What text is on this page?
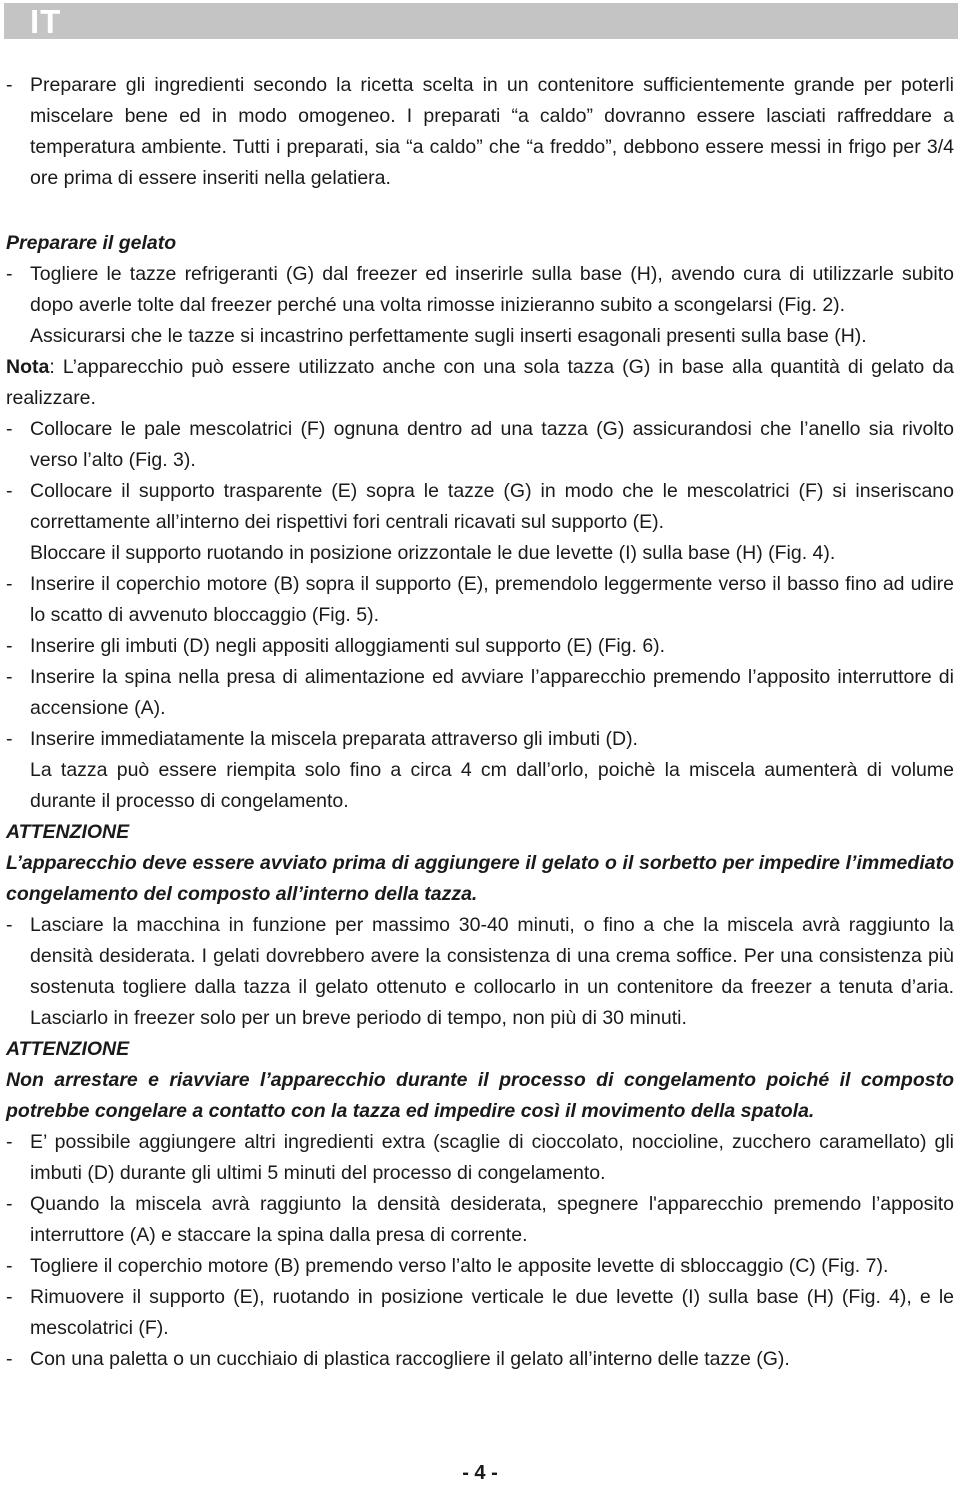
IT
- Preparare gli ingredienti secondo la ricetta scelta in un contenitore sufficientemente grande per poterli miscelare bene ed in modo omogeneo. I preparati “a caldo” dovranno essere lasciati raffreddare a temperatura ambiente. Tutti i preparati, sia “a caldo” che “a freddo”, debbono essere messi in frigo per 3/4 ore prima di essere inseriti nella gelatiera.
Preparare il gelato
- Togliere le tazze refrigeranti (G) dal freezer ed inserirle sulla base (H), avendo cura di utilizzarle subito dopo averle tolte dal freezer perché una volta rimosse inizieranno subito a scongelarsi (Fig. 2).
Assicurarsi che le tazze si incastrino perfettamente sugli inserti esagonali presenti sulla base (H).
Nota: L’apparecchio può essere utilizzato anche con una sola tazza (G) in base alla quantità di gelato da realizzare.
- Collocare le pale mescolatrici (F) ognuna dentro ad una tazza (G) assicurandosi che l’anello sia rivolto verso l’alto (Fig. 3).
- Collocare il supporto trasparente (E) sopra le tazze (G) in modo che le mescolatrici (F) si inseriscano correttamente all’interno dei rispettivi fori centrali ricavati sul supporto (E).
Bloccare il supporto ruotando in posizione orizzontale le due levette (I) sulla base (H) (Fig. 4).
- Inserire il coperchio motore (B) sopra il supporto (E), premendolo leggermente verso il basso fino ad udire lo scatto di avvenuto bloccaggio (Fig. 5).
- Inserire gli imbuti (D) negli appositi alloggiamenti sul supporto (E) (Fig. 6).
- Inserire la spina nella presa di alimentazione ed avviare l’apparecchio premendo l’apposito interruttore di accensione (A).
- Inserire immediatamente la miscela preparata attraverso gli imbuti (D).
La tazza può essere riempita solo fino a circa 4 cm dall’orlo, poichè la miscela aumenterà di volume durante il processo di congelamento.
ATTENZIONE
L’apparecchio deve essere avviato prima di aggiungere il gelato o il sorbetto per impedire l’immediato congelamento del composto all’interno della tazza.
- Lasciare la macchina in funzione per massimo 30-40 minuti, o fino a che la miscela avrà raggiunto la densità desiderata. I gelati dovrebbero avere la consistenza di una crema soffice. Per una consistenza più sostenuta togliere dalla tazza il gelato ottenuto e collocarlo in un contenitore da freezer a tenuta d’aria. Lasciarlo in freezer solo per un breve periodo di tempo, non più di 30 minuti.
ATTENZIONE
Non arrestare e riavviare l’apparecchio durante il processo di congelamento poiché il composto potrebbe congelare a contatto con la tazza ed impedire così il movimento della spatola.
- E’ possibile aggiungere altri ingredienti extra (scaglie di cioccolato, noccioline, zucchero caramellato) gli imbuti (D) durante gli ultimi 5 minuti del processo di congelamento.
- Quando la miscela avrà raggiunto la densità desiderata, spegnere l'apparecchio premendo l’apposito interruttore (A) e staccare la spina dalla presa di corrente.
- Togliere il coperchio motore (B) premendo verso l’alto le apposite levette di sbloccaggio (C) (Fig. 7).
- Rimuovere il supporto (E), ruotando in posizione verticale le due levette (I) sulla base (H) (Fig. 4), e le mescolatrici (F).
- Con una paletta o un cucchiaio di plastica raccogliere il gelato all’interno delle tazze (G).
- 4 -
